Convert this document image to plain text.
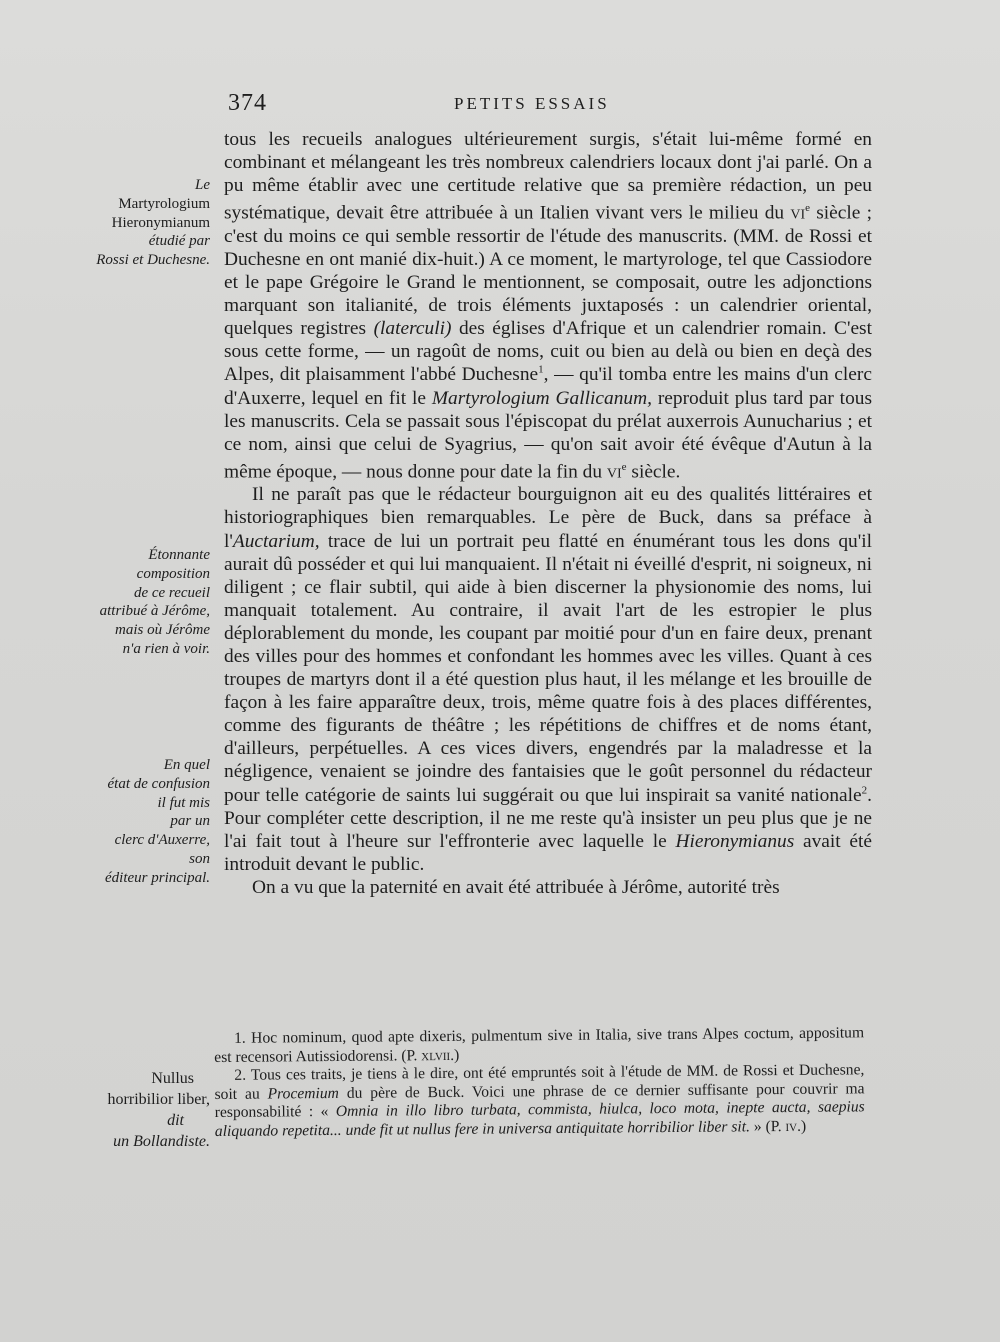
374	PETITS ESSAIS
Le
Martyrologium
Hieronymianum
étudié par
Rossi et Duchesne.
Étonnante
composition
de ce recueil
attribué à Jérôme,
mais où Jérôme
n'a rien à voir.
En quel
état de confusion
il fut mis
par un
clerc d'Auxerre,
son
éditeur principal.
Nullus
horribilior liber,
dit
un Bollandiste.

tous les recueils analogues ultérieurement surgis, s'était lui-même formé en combinant et mélangeant les très nombreux calendriers locaux dont j'ai parlé. On a pu même établir avec une certitude relative que sa première rédaction, un peu systématique, devait être attribuée à un Italien vivant vers le milieu du $vi^e$ siècle ; c'est du moins ce qui semble ressortir de l'étude des manuscrits. (MM. de Rossi et Duchesne en ont manié dix-huit.) A ce moment, le martyrologe, tel que Cassiodore et le pape Grégoire le Grand le mentionnent, se composait, outre les adjonctions marquant son italianité, de trois éléments juxtaposés : un calendrier oriental, quelques registres (laterculi) des églises d'Afrique et un calendrier romain. C'est sous cette forme, — un ragoût de noms, cuit ou bien au delà ou bien en deçà des Alpes, dit plaisamment l'abbé Duchesne$^1$, — qu'il tomba entre les mains d'un clerc d'Auxerre, lequel en fit le Martyrologium Gallicanum, reproduit plus tard par tous les manuscrits. Cela se passait sous l'épiscopat du prélat auxerrois Aunucharius ; et ce nom, ainsi que celui de Syagrius, — qu'on sait avoir été évêque d'Autun à la même époque, — nous donne pour date la fin du $vi^e$ siècle.

Il ne paraît pas que le rédacteur bourguignon ait eu des qualités littéraires et historiographiques bien remarquables. Le père de Buck, dans sa préface à l'Auctarium, trace de lui un portrait peu flatté en énumérant tous les dons qu'il aurait dû posséder et qui lui manquaient. Il n'était ni éveillé d'esprit, ni soigneux, ni diligent ; ce flair subtil, qui aide à bien discerner la physionomie des noms, lui manquait totalement. Au contraire, il avait l'art de les estropier le plus déplorablement du monde, les coupant par moitié pour d'un en faire deux, prenant des villes pour des hommes et confondant les hommes avec les villes. Quant à ces troupes de martyrs dont il a été question plus haut, il les mélange et les brouille de façon à les faire apparaître deux, trois, même quatre fois à des places différentes, comme des figurants de théâtre ; les répétitions de chiffres et de noms étant, d'ailleurs, perpétuelles. A ces vices divers, engendrés par la maladresse et la négligence, venaient se joindre des fantaisies que le goût personnel du rédacteur pour telle catégorie de saints lui suggérait ou que lui inspirait sa vanité nationale$^2$. Pour compléter cette description, il ne me reste qu'à insister un peu plus que je ne l'ai fait tout à l'heure sur l'effronterie avec laquelle le Hieronymianus avait été introduit devant le public.

On a vu que la paternité en avait été attribuée à Jérôme, autorité très

1. Hoc nominum, quod apte dixeris, pulmentum sive in Italia, sive trans Alpes coctum, appositum est recensori Autissiodorensi. (P. xlvii.)

2. Tous ces traits, je tiens à le dire, ont été empruntés soit à l'étude de MM. de Rossi et Duchesne, soit au Procemium du père de Buck. Voici une phrase de ce dernier suffisante pour couvrir ma responsabilité : « Omnia in illo libro turbata, commista, hiulca, loco mota, inepte aucta, saepius aliquando repetita... unde fit ut nullus fere in universa antiquitate horribilior liber sit. » (P. iv.)
